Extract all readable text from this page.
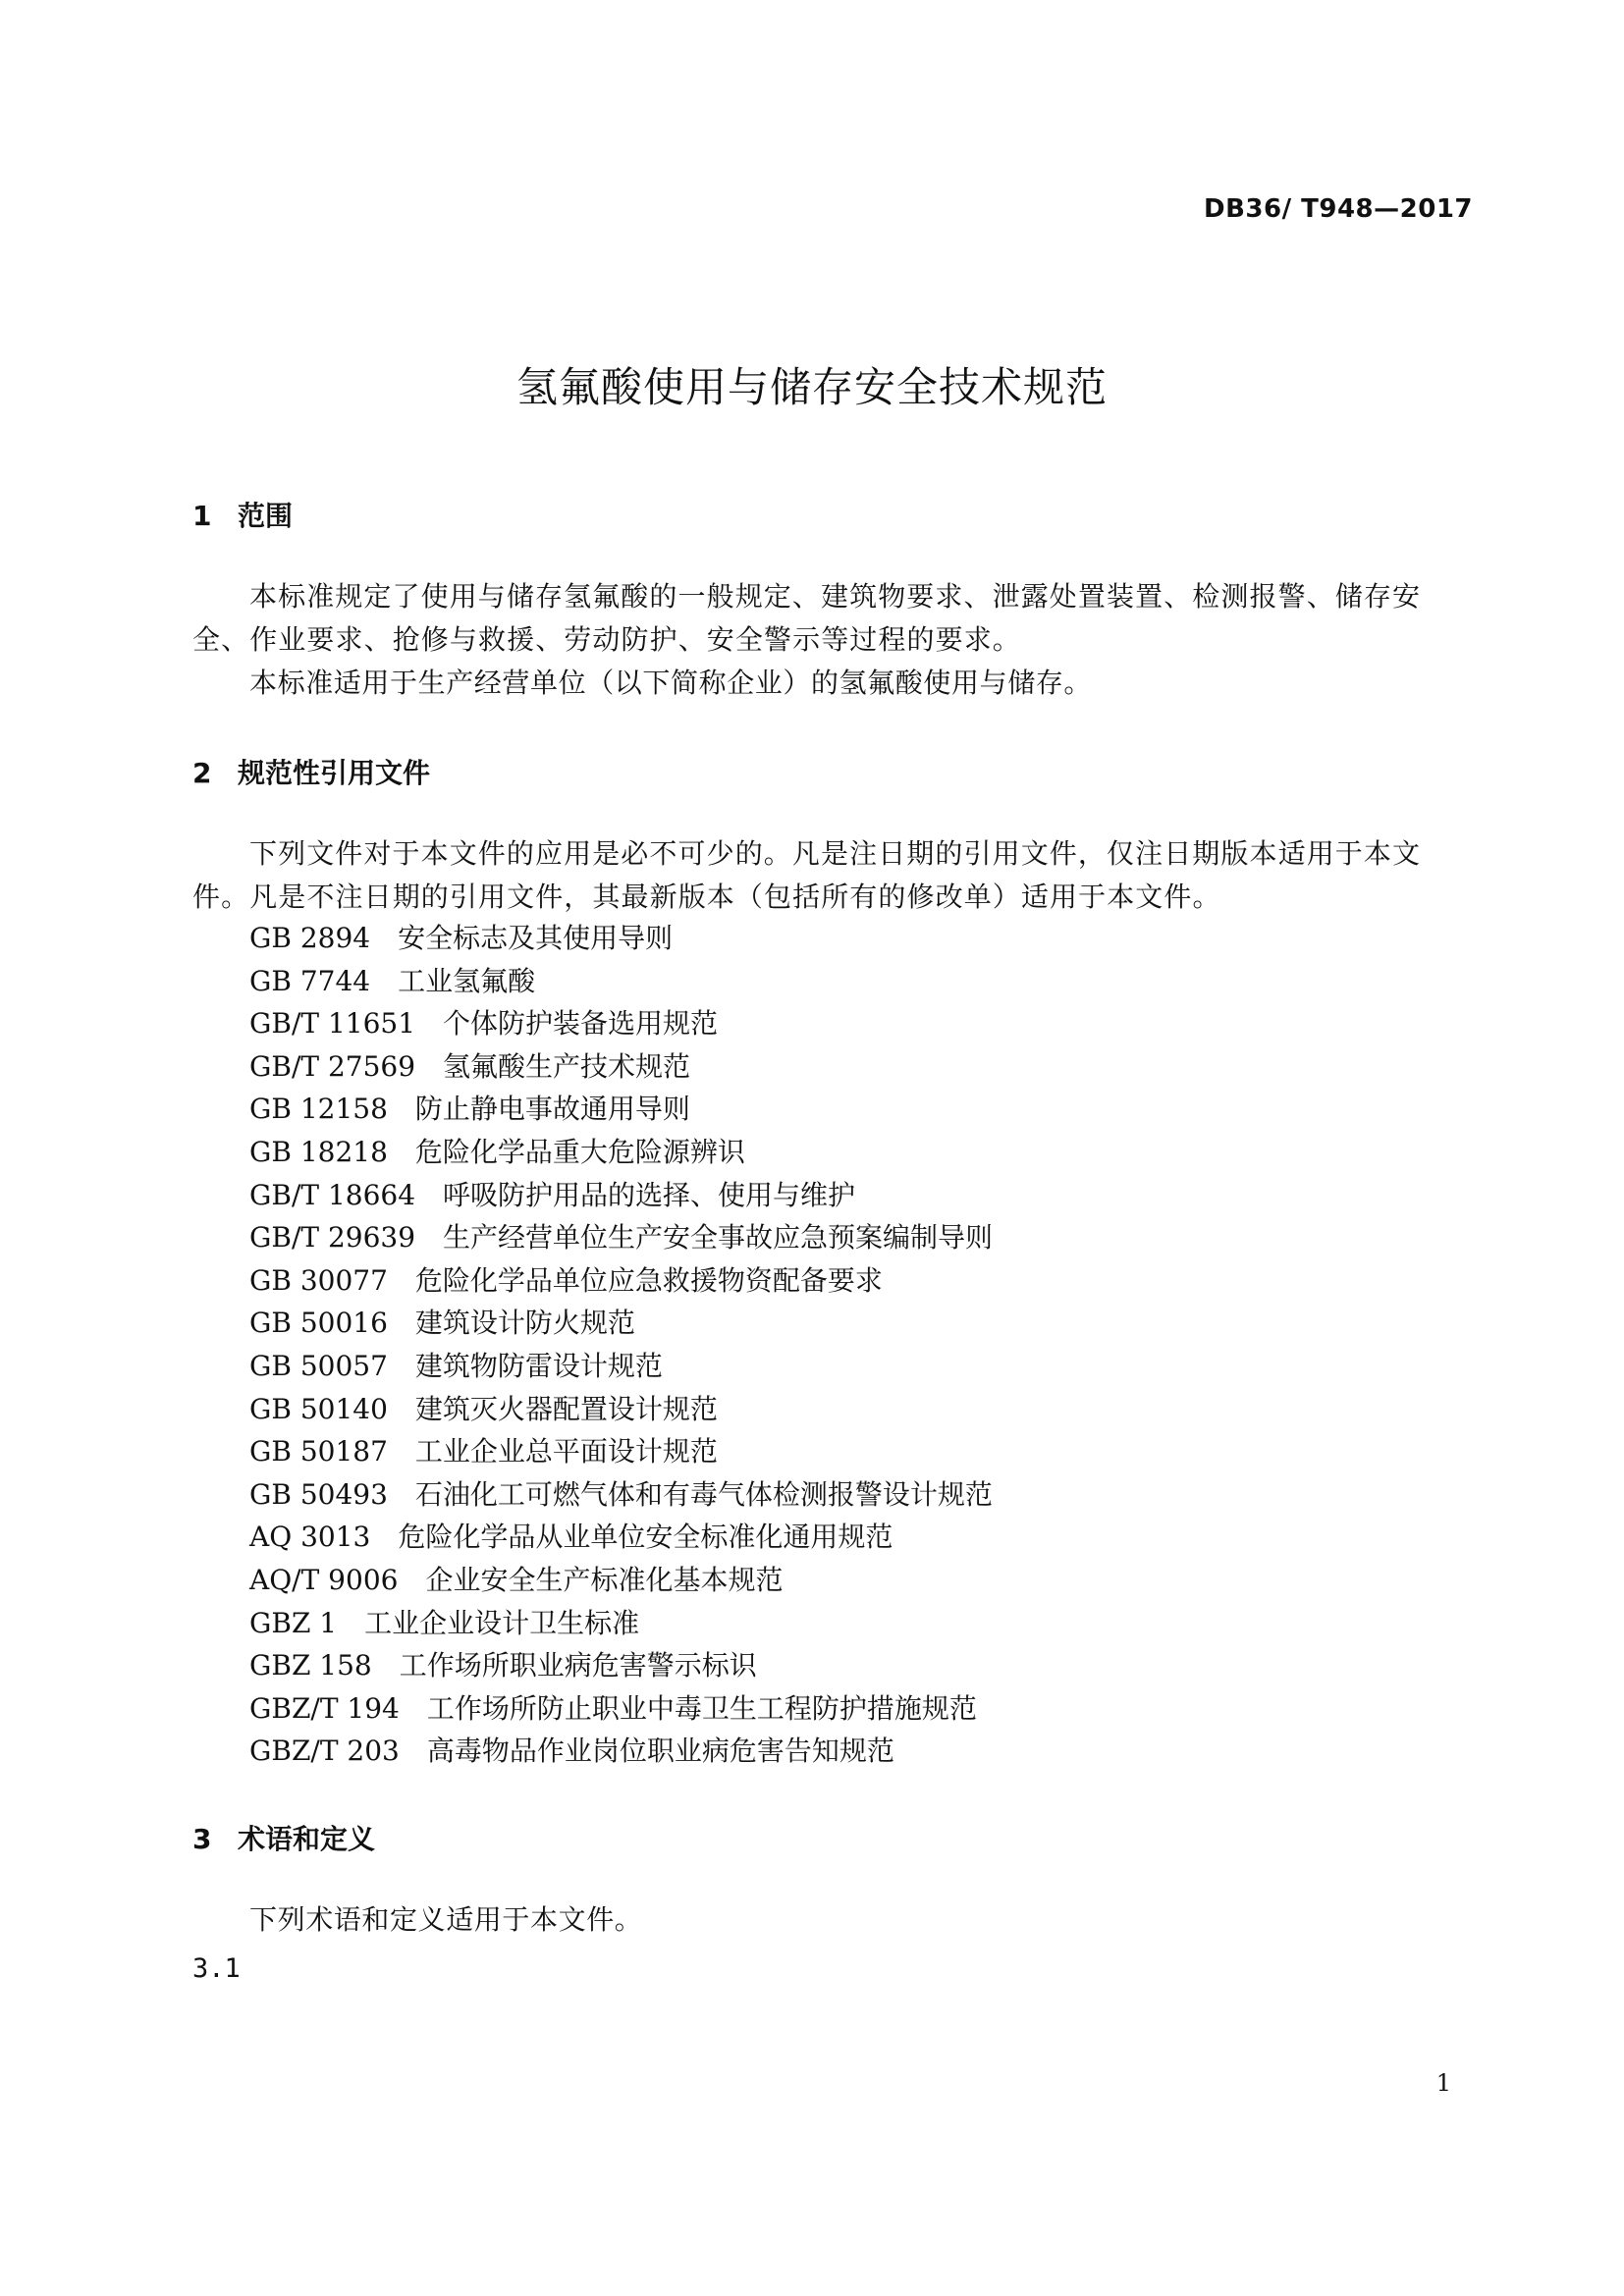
DB36/ T948—2017
氢氟酸使用与储存安全技术规范
1 范围
本标准规定了使用与储存氢氟酸的一般规定、建筑物要求、泄露处置装置、检测报警、储存安全、作业要求、抢修与救援、劳动防护、安全警示等过程的要求。
本标准适用于生产经营单位（以下简称企业）的氢氟酸使用与储存。
2 规范性引用文件
下列文件对于本文件的应用是必不可少的。凡是注日期的引用文件，仅注日期版本适用于本文件。凡是不注日期的引用文件，其最新版本（包括所有的修改单）适用于本文件。
GB 2894 安全标志及其使用导则
GB 7744 工业氢氟酸
GB/T 11651 个体防护装备选用规范
GB/T 27569 氢氟酸生产技术规范
GB 12158 防止静电事故通用导则
GB 18218 危险化学品重大危险源辨识
GB/T 18664 呼吸防护用品的选择、使用与维护
GB/T 29639 生产经营单位生产安全事故应急预案编制导则
GB 30077 危险化学品单位应急救援物资配备要求
GB 50016 建筑设计防火规范
GB 50057 建筑物防雷设计规范
GB 50140 建筑灭火器配置设计规范
GB 50187 工业企业总平面设计规范
GB 50493 石油化工可燃气体和有毒气体检测报警设计规范
AQ 3013 危险化学品从业单位安全标准化通用规范
AQ/T 9006 企业安全生产标准化基本规范
GBZ 1 工业企业设计卫生标准
GBZ 158 工作场所职业病危害警示标识
GBZ/T 194 工作场所防止职业中毒卫生工程防护措施规范
GBZ/T 203 高毒物品作业岗位职业病危害告知规范
3 术语和定义
下列术语和定义适用于本文件。
3.1
1
